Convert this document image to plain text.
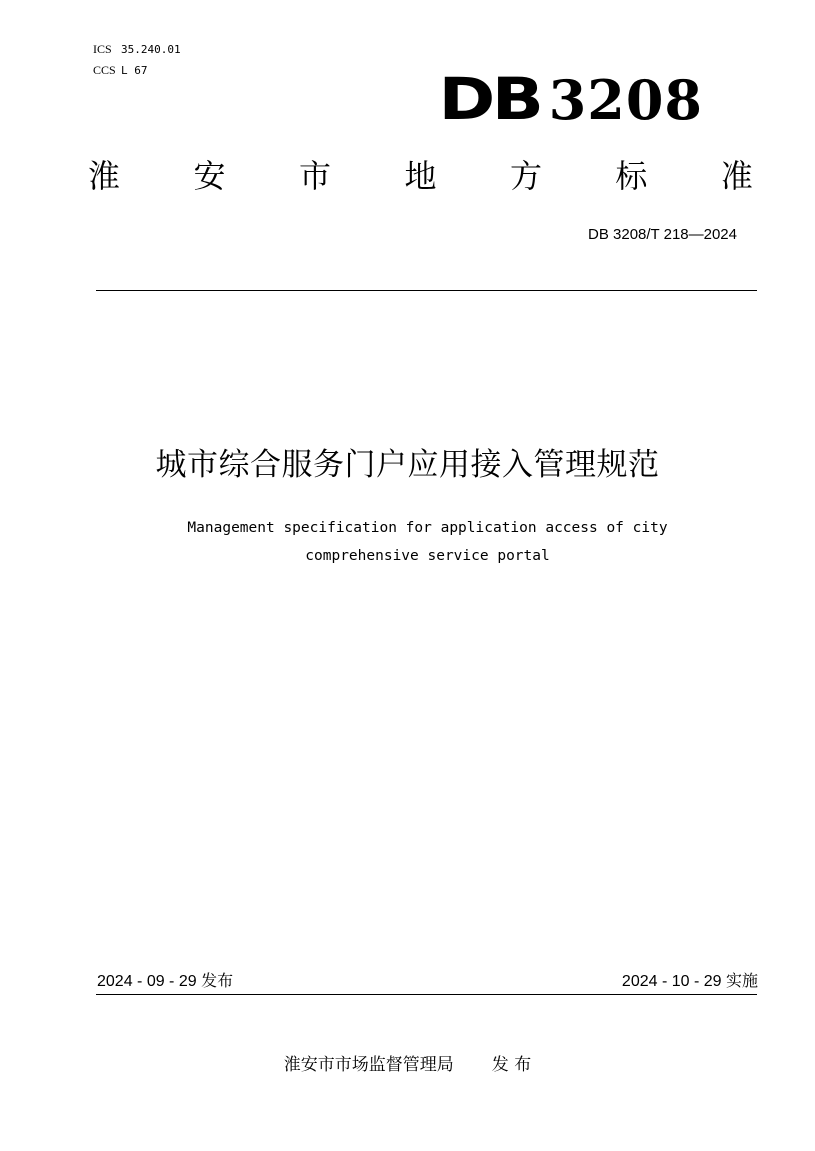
ICS 35.240.01
CCS L 67	DB 3208
淮 安 市 地 方 标 准
DB 3208/T 218—2024
城市综合服务门户应用接入管理规范
Management specification for application access of city
comprehensive service portal
2024 - 09 - 29 发布	2024 - 10 - 29 实施
淮安市市场监督管理局 发 布
